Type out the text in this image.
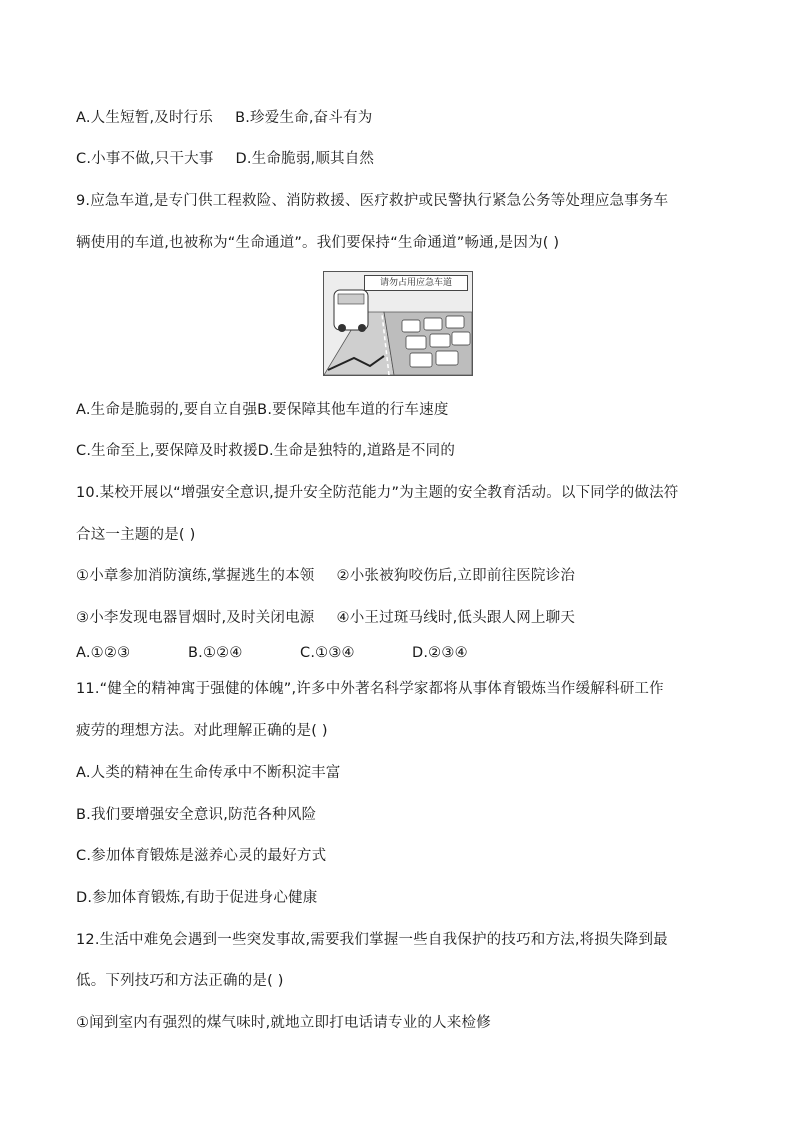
A.人生短暂,及时行乐 B.珍爱生命,奋斗有为
C.小事不做,只干大事 D.生命脆弱,顺其自然
9.应急车道,是专门供工程救险、消防救援、医疗救护或民警执行紧急公务等处理应急事务车
辆使用的车道,也被称为“生命通道”。我们要保持“生命通道”畅通,是因为( )
请勿占用应急车道
A.生命是脆弱的,要自立自强B.要保障其他车道的行车速度
C.生命至上,要保障及时救援D.生命是独特的,道路是不同的
10.某校开展以“增强安全意识,提升安全防范能力”为主题的安全教育活动。以下同学的做法符
合这一主题的是( )
①小章参加消防演练,掌握逃生的本领 ②小张被狗咬伤后,立即前往医院诊治
③小李发现电器冒烟时,及时关闭电源 ④小王过斑马线时,低头跟人网上聊天
A.①②③	B.①②④	C.①③④	D.②③④
11.“健全的精神寓于强健的体魄”,许多中外著名科学家都将从事体育锻炼当作缓解科研工作
疲劳的理想方法。对此理解正确的是( )
A.人类的精神在生命传承中不断积淀丰富
B.我们要增强安全意识,防范各种风险
C.参加体育锻炼是滋养心灵的最好方式
D.参加体育锻炼,有助于促进身心健康
12.生活中难免会遇到一些突发事故,需要我们掌握一些自我保护的技巧和方法,将损失降到最
低。下列技巧和方法正确的是( )
①闻到室内有强烈的煤气味时,就地立即打电话请专业的人来检修
